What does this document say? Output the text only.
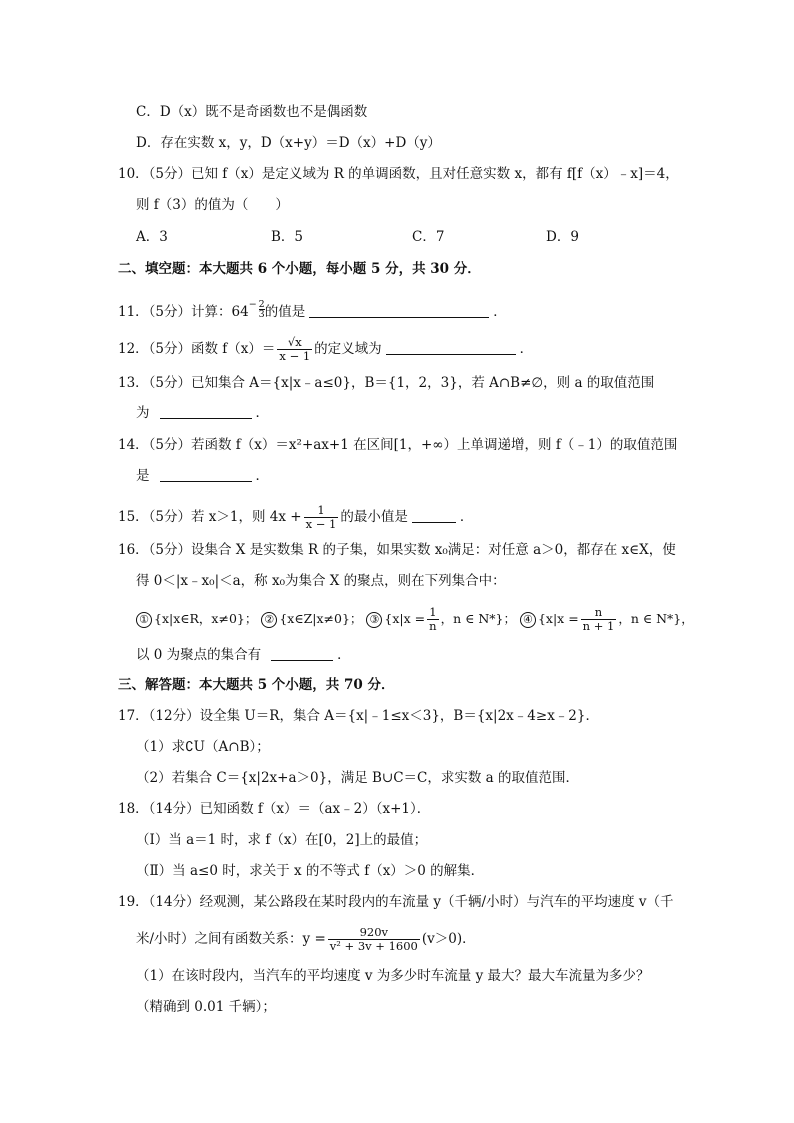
C．D（x）既不是奇函数也不是偶函数
D．存在实数 x，y，D（x+y）＝D（x）+D（y）
10．（5分）已知 f（x）是定义域为 R 的单调函数，且对任意实数 x，都有 f[f（x）﹣x]＝4，
则 f（3）的值为（　　）
A．3	B．5	C．7	D．9
二、填空题：本大题共 6 个小题，每小题 5 分，共 30 分．
11．（5分）计算：$64 - \frac{2}{3}$ 的值是	．
12．（5分）函数 $f(x)= \frac{√x}{x - 1}$ 的定义域为	．
13．（5分）已知集合 A＝{x|x﹣a≤0}，B＝{1，2，3}，若 A∩B≠∅，则 a 的取值范围
为	．
14．（5分）若函数 f（x）＝x²+ax+1 在区间[1，+∞）上单调递增，则 f（﹣1）的取值范围
是	．
15．（5分）若 x＞1，则 $4x + \frac{1}{x - 1}$ 的最小值是	．
16．（5分）设集合 X 是实数集 R 的子集，如果实数 x₀满足：对任意 a＞0，都存在 x∈X，使
得 0＜|x﹣x₀|＜a，称 x₀为集合 X 的聚点，则在下列集合中：
① {x|x∈R，x≠0}； ② {x∈Z|x≠0}； ③ {$x|x = \frac{1}{n}$ ，n ∈ N*}； ④ {$x|x = \frac{n}{n + 1}$ ，n ∈ N*}，
以 0 为聚点的集合有	．
三、解答题：本大题共 5 个小题，共 70 分．
17．（12分）设全集 U＝R，集合 A＝{x|﹣1≤x＜3}，B＝{x|2x﹣4≥x﹣2}．
（1）求∁U（A∩B）；
（2）若集合 C＝{x|2x+a＞0}，满足 B∪C＝C，求实数 a 的取值范围．
18．（14分）已知函数 f（x）＝（ax﹣2）（x+1）．
（Ⅰ）当 a＝1 时，求 f（x）在[0，2]上的最值；
（Ⅱ）当 a≤0 时，求关于 x 的不等式 f（x）＞0 的解集．
19．（14分）经观测，某公路段在某时段内的车流量 y（千辆/小时）与汽车的平均速度 v（千
米/小时）之间有函数关系：$y = \frac{920v}{\text{v² + 3v + 1600}} (v>0)$．
（1）在该时段内，当汽车的平均速度 v 为多少时车流量 y 最大？最大车流量为多少？
（精确到 0.01 千辆）；
